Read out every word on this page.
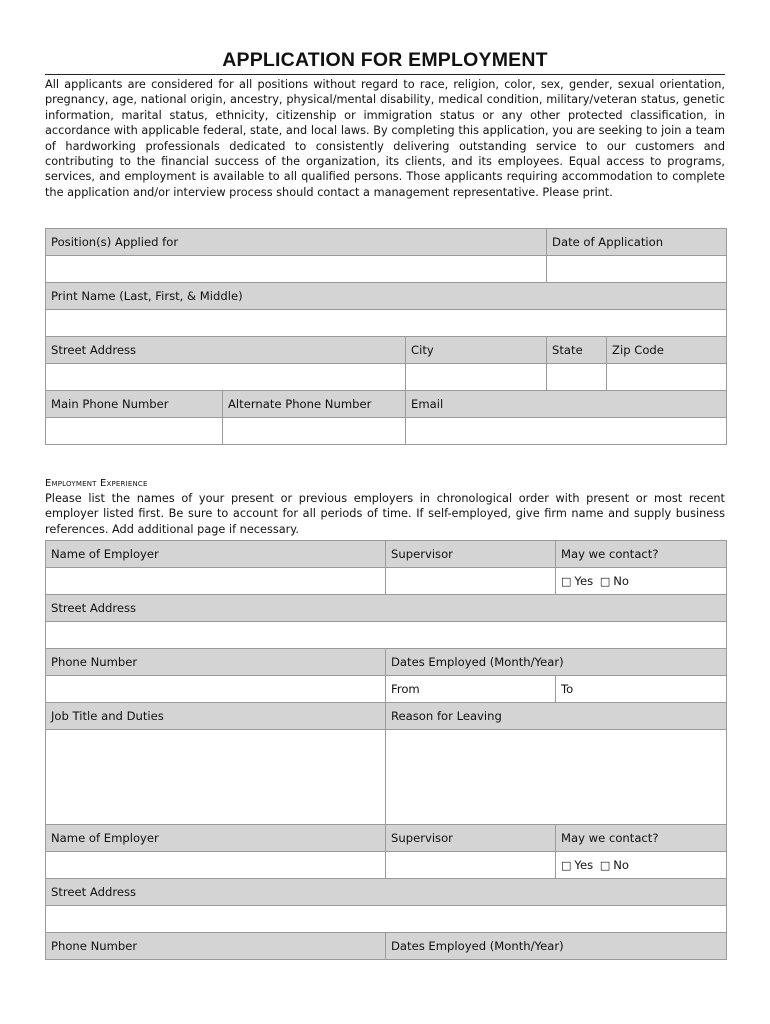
APPLICATION FOR EMPLOYMENT
All applicants are considered for all positions without regard to race, religion, color, sex, gender, sexual orientation, pregnancy, age, national origin, ancestry, physical/mental disability, medical condition, military/veteran status, genetic information, marital status, ethnicity, citizenship or immigration status or any other protected classification, in accordance with applicable federal, state, and local laws. By completing this application, you are seeking to join a team of hardworking professionals dedicated to consistently delivering outstanding service to our customers and contributing to the financial success of the organization, its clients, and its employees. Equal access to programs, services, and employment is available to all qualified persons. Those applicants requiring accommodation to complete the application and/or interview process should contact a management representative. Please print.
Position(s) Applied for			Date of Application	

Print Name (Last, First, & Middle)				

Street Address		City	State	Zip Code

Main Phone Number	Alternate Phone Number	Email		

Employment Experience
Please list the names of your present or previous employers in chronological order with present or most recent employer listed first. Be sure to account for all periods of time. If self-employed, give firm name and supply business references. Add additional page if necessary.
Name of Employer	Supervisor	May we contact?
		□ Yes □ No
Street Address		

Phone Number	Dates Employed (Month/Year)	
	From	To
Job Title and Duties	Reason for Leaving	

Name of Employer	Supervisor	May we contact?
		□ Yes □ No
Street Address		

Phone Number	Dates Employed (Month/Year)	
